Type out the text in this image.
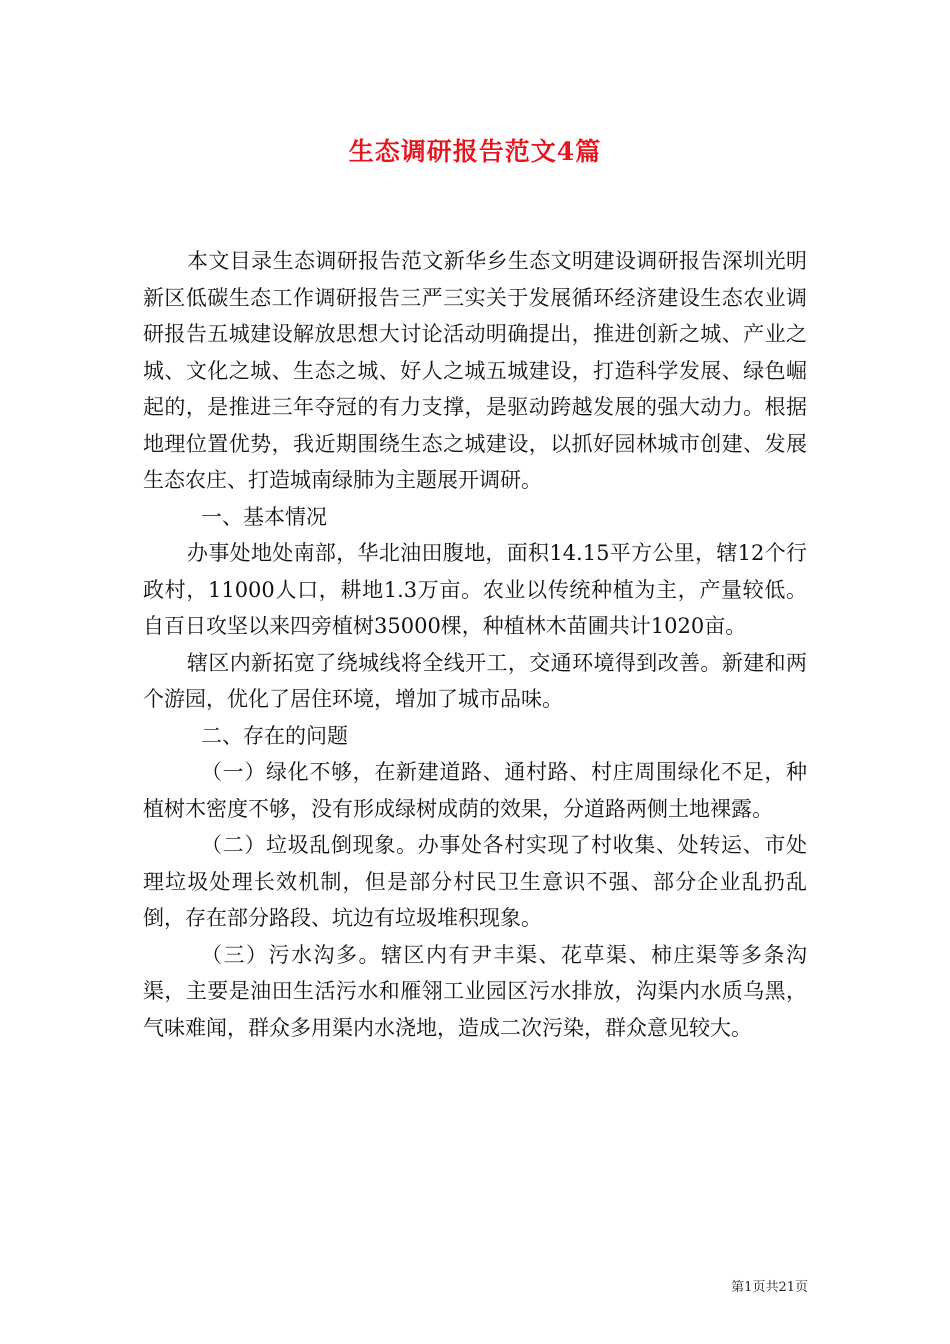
生态调研报告范文4篇

本文目录生态调研报告范文新华乡生态文明建设调研报告深圳光明新区低碳生态工作调研报告三严三实关于发展循环经济建设生态农业调研报告五城建设解放思想大讨论活动明确提出，推进创新之城、产业之城、文化之城、生态之城、好人之城五城建设，打造科学发展、绿色崛起的，是推进三年夺冠的有力支撑，是驱动跨越发展的强大动力。根据地理位置优势，我近期围绕生态之城建设，以抓好园林城市创建、发展生态农庄、打造城南绿肺为主题展开调研。

一、基本情况

办事处地处南部，华北油田腹地，面积14.15平方公里，辖12个行政村，11000人口，耕地1.3万亩。农业以传统种植为主，产量较低。自百日攻坚以来四旁植树35000棵，种植林木苗圃共计1020亩。

辖区内新拓宽了绕城线将全线开工，交通环境得到改善。新建和两个游园，优化了居住环境，增加了城市品味。

二、存在的问题

（一）绿化不够，在新建道路、通村路、村庄周围绿化不足，种植树木密度不够，没有形成绿树成荫的效果，分道路两侧土地裸露。

（二）垃圾乱倒现象。办事处各村实现了村收集、处转运、市处理垃圾处理长效机制，但是部分村民卫生意识不强、部分企业乱扔乱倒，存在部分路段、坑边有垃圾堆积现象。

（三）污水沟多。辖区内有尹丰渠、花草渠、柿庄渠等多条沟渠，主要是油田生活污水和雁翎工业园区污水排放，沟渠内水质乌黑，气味难闻，群众多用渠内水浇地，造成二次污染，群众意见较大。

第1页共21页
